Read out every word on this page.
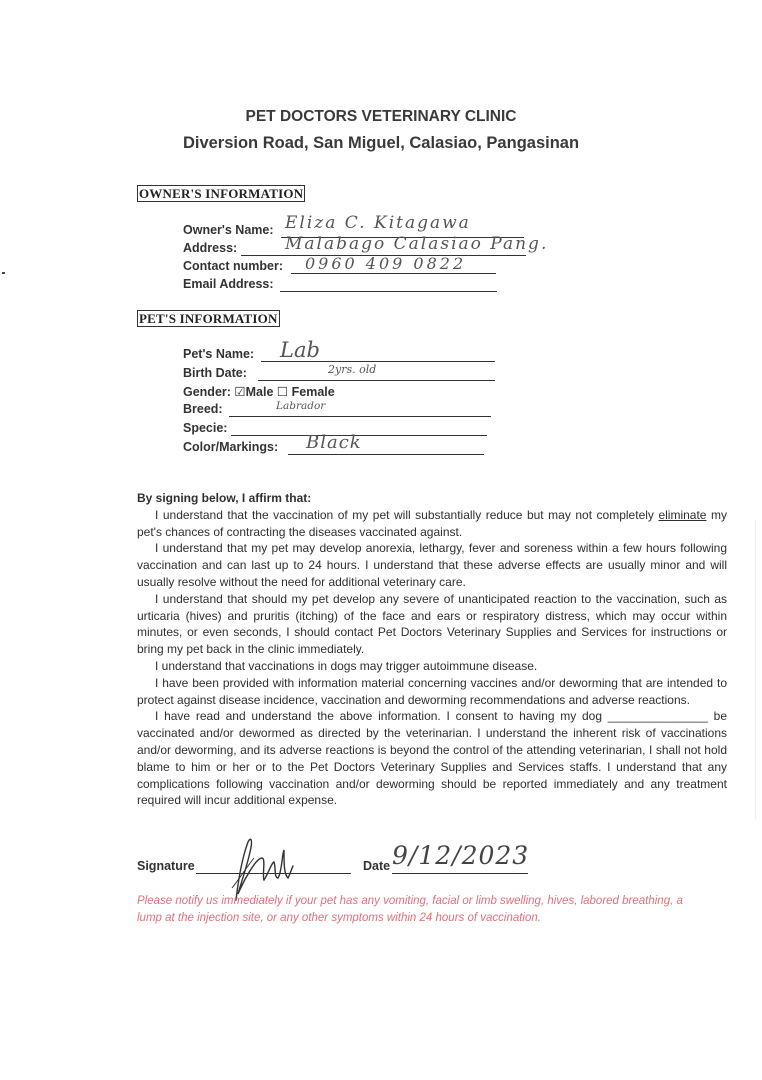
PET DOCTORS VETERINARY CLINIC
Diversion Road, San Miguel, Calasiao, Pangasinan
OWNER'S INFORMATION
Owner's Name: Eliza C. Kitagawa
Address:	Malabago Calasiao Pang.
Contact number: 0960 409 0822
Email Address:
PET'S INFORMATION
Pet's Name: Lab
Birth Date:	2yrs. old
Gender: ☑Male ☐ Female
Breed:	Labrador
Specie:
Color/Markings: Black

By signing below, I affirm that:

I understand that the vaccination of my pet will substantially reduce but may not completely eliminate my pet's chances of contracting the diseases vaccinated against.

I understand that my pet may develop anorexia, lethargy, fever and soreness within a few hours following vaccination and can last up to 24 hours. I understand that these adverse effects are usually minor and will usually resolve without the need for additional veterinary care.

I understand that should my pet develop any severe of unanticipated reaction to the vaccination, such as urticaria (hives) and pruritis (itching) of the face and ears or respiratory distress, which may occur within minutes, or even seconds, I should contact Pet Doctors Veterinary Supplies and Services for instructions or bring my pet back in the clinic immediately.

I understand that vaccinations in dogs may trigger autoimmune disease.

I have been provided with information material concerning vaccines and/or deworming that are intended to protect against disease incidence, vaccination and deworming recommendations and adverse reactions.

I have read and understand the above information. I consent to having my dog _______________ be vaccinated and/or dewormed as directed by the veterinarian. I understand the inherent risk of vaccinations and/or deworming, and its adverse reactions is beyond the control of the attending veterinarian, I shall not hold blame to him or her or to the Pet Doctors Veterinary Supplies and Services staffs. I understand that any complications following vaccination and/or deworming should be reported immediately and any treatment required will incur additional expense.

Signature	Date 9/12/2023
Please notify us immediately if your pet has any vomiting, facial or limb swelling, hives, labored breathing, a lump at the injection site, or any other symptoms within 24 hours of vaccination.
